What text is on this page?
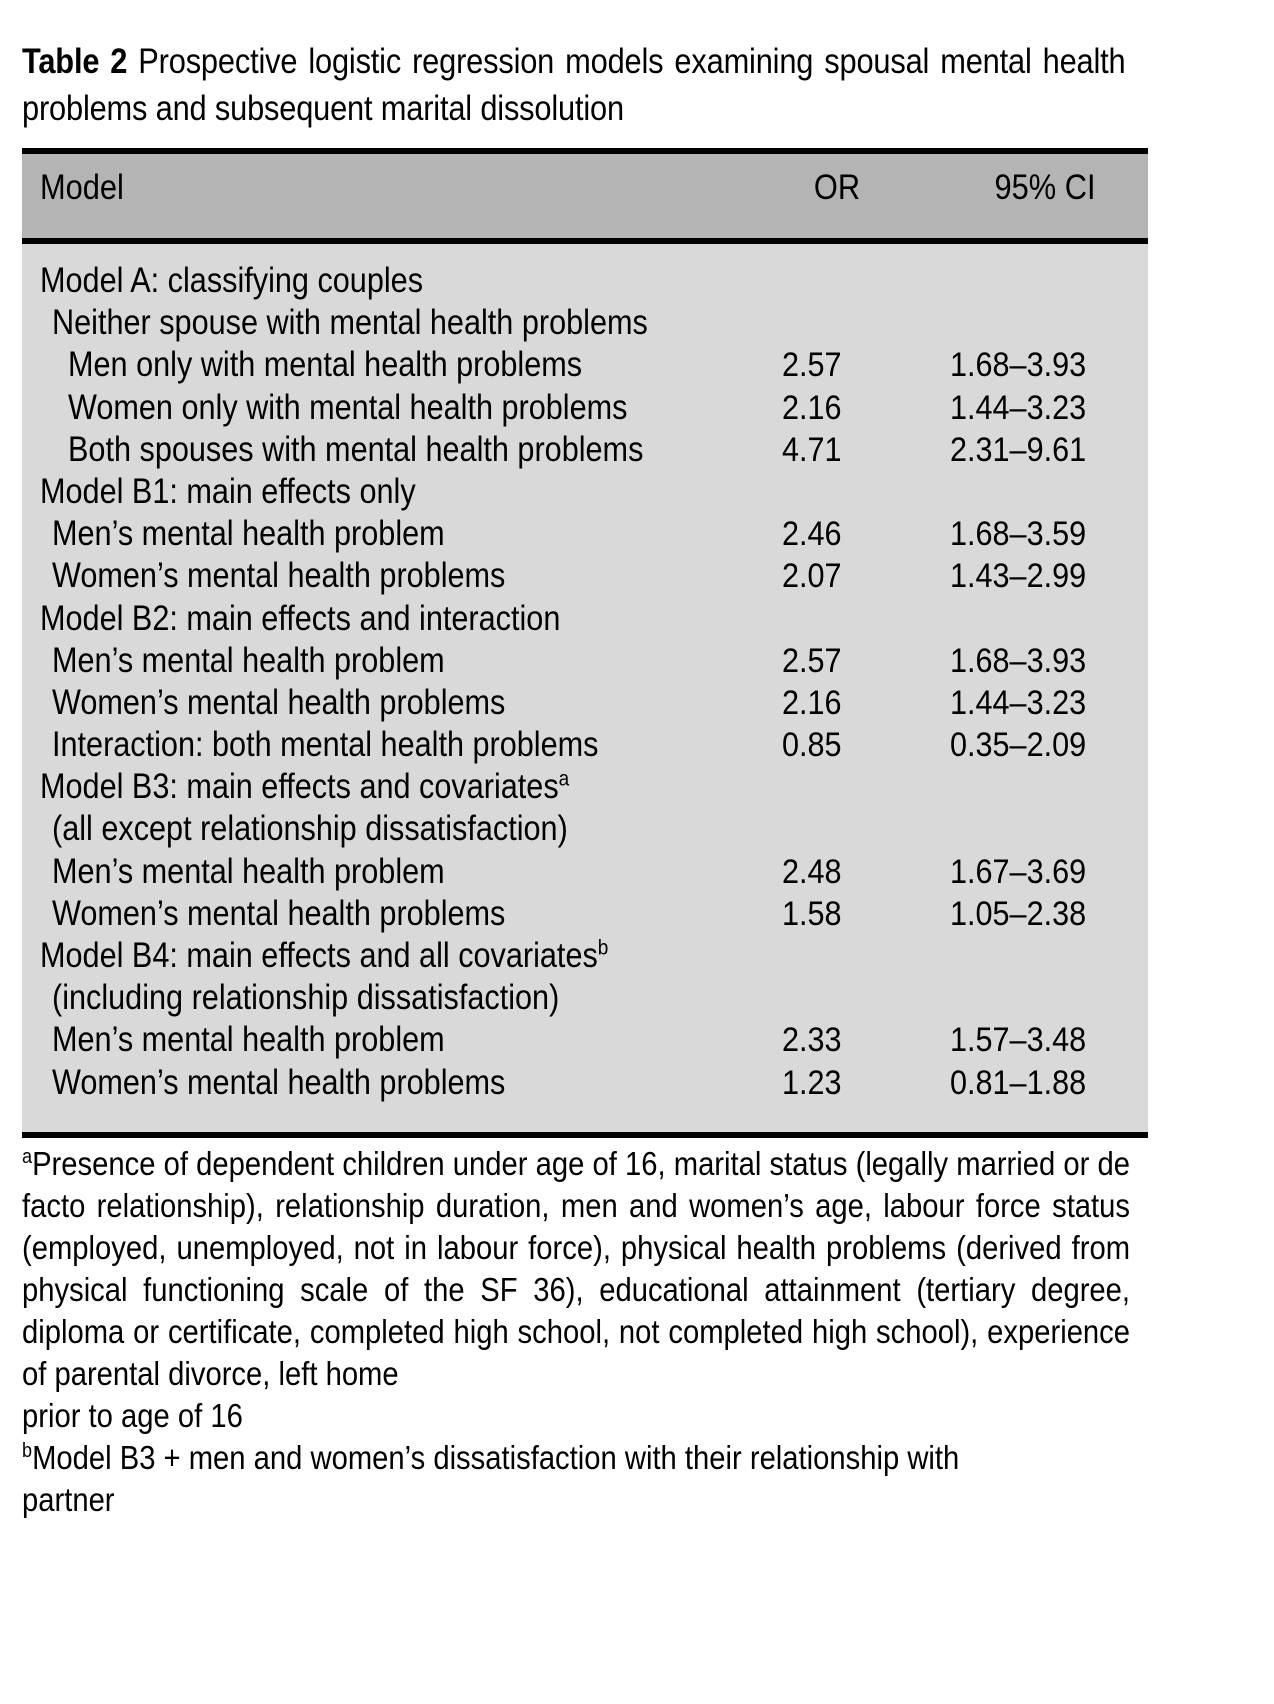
Table 2 Prospective logistic regression models examining spousal mental health problems and subsequent marital dissolution
Model	OR	95% CI
Model A: classifying couples
Neither spouse with mental health problems
Men only with mental health problems	2.57	1.68–3.93
Women only with mental health problems	2.16	1.44–3.23
Both spouses with mental health problems	4.71	2.31–9.61
Model B1: main effects only
Men’s mental health problem	2.46	1.68–3.59
Women’s mental health problems	2.07	1.43–2.99
Model B2: main effects and interaction
Men’s mental health problem	2.57	1.68–3.93
Women’s mental health problems	2.16	1.44–3.23
Interaction: both mental health problems	0.85	0.35–2.09
Model B3: main effects and covariates$^a$
(all except relationship dissatisfaction)
Men’s mental health problem	2.48	1.67–3.69
Women’s mental health problems	1.58	1.05–2.38
Model B4: main effects and all covariates$^b$
(including relationship dissatisfaction)
Men’s mental health problem	2.33	1.57–3.48
Women’s mental health problems	1.23	0.81–1.88

$^a$Presence of dependent children under age of 16, marital status (legally married or de facto relationship), relationship duration, men and women’s age, labour force status (employed, unemployed, not in labour force), physical health problems (derived from physical functioning scale of the SF 36), educational attainment (tertiary degree, diploma or certificate, completed high school, not completed high school), experience of parental divorce, left home
prior to age of 16

$^b$Model B3 + men and women’s dissatisfaction with their relationship with
partner
